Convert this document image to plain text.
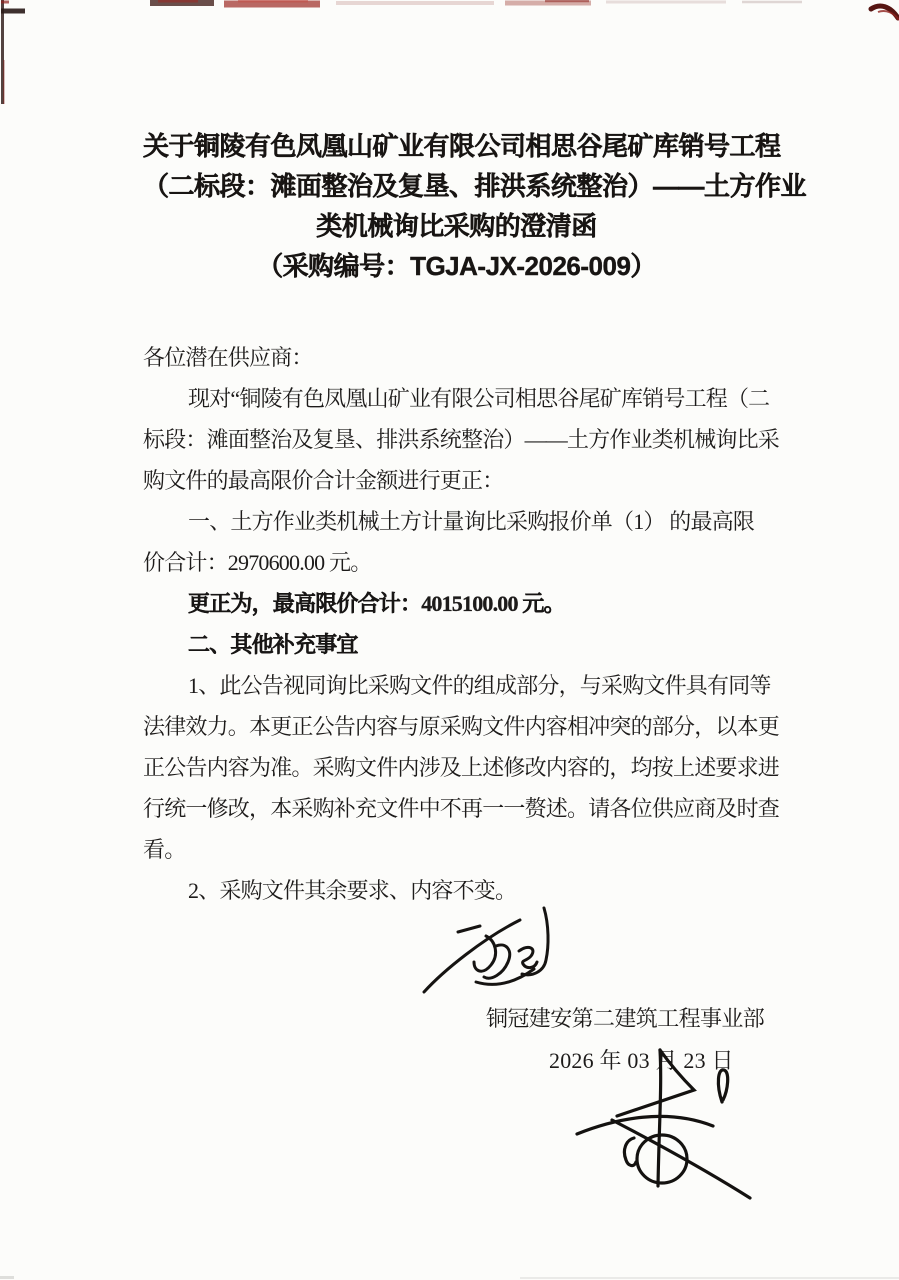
关于铜陵有色凤凰山矿业有限公司相思谷尾矿库销号工程
（二标段：滩面整治及复垦、排洪系统整治）——土方作业
类机械询比采购的澄清函
（采购编号：TGJA-JX-2026-009）
各位潜在供应商：
现对“铜陵有色凤凰山矿业有限公司相思谷尾矿库销号工程（二
标段：滩面整治及复垦、排洪系统整治）——土方作业类机械询比采
购文件的最高限价合计金额进行更正：
一、土方作业类机械土方计量询比采购报价单（1） 的最高限
价合计：2970600.00 元。
更正为，最高限价合计：4015100.00 元。
二、其他补充事宜
1、此公告视同询比采购文件的组成部分，与采购文件具有同等
法律效力。本更正公告内容与原采购文件内容相冲突的部分，以本更
正公告内容为准。采购文件内涉及上述修改内容的，均按上述要求进
行统一修改，本采购补充文件中不再一一赘述。请各位供应商及时查
看。
2、采购文件其余要求、内容不变。
铜冠建安第二建筑工程事业部
2026 年 03 月 23 日
